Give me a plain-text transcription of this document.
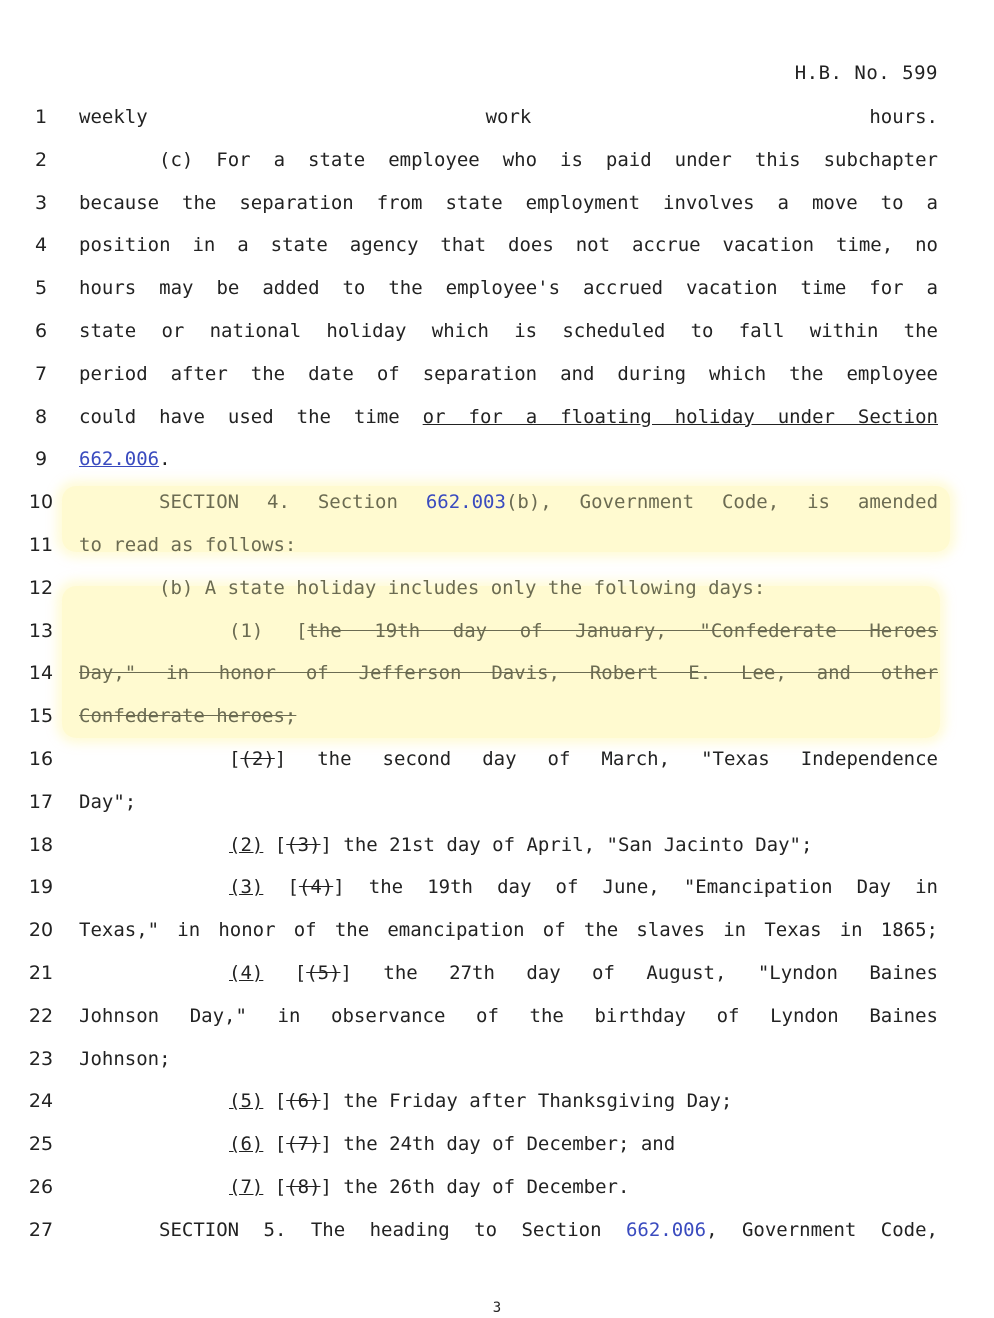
H.B. No. 599
1	weekly work hours.
2	(c) For a state employee who is paid under this subchapter
3	because the separation from state employment involves a move to a
4	position in a state agency that does not accrue vacation time, no
5	hours may be added to the employee's accrued vacation time for a
6	state or national holiday which is scheduled to fall within the
7	period after the date of separation and during which the employee
8	could have used the time or for a floating holiday under Section
9	662.006.
10	SECTION 4. Section 662.003(b), Government Code, is amended
11 to read as follows:
12	(b) A state holiday includes only the following days:
13	(1) [the 19th day of January, "Confederate Heroes
14 Day," in honor of Jefferson Davis, Robert E. Lee, and other
15 Confederate heroes;
16	[(2)] the second day of March, "Texas Independence
17 Day";
18	(2) [(3)] the 21st day of April, "San Jacinto Day";
19	(3) [(4)] the 19th day of June, "Emancipation Day in
20 Texas," in honor of the emancipation of the slaves in Texas in 1865;
21	(4) [(5)] the 27th day of August, "Lyndon Baines
22 Johnson Day," in observance of the birthday of Lyndon Baines
23 Johnson;
24	(5) [(6)] the Friday after Thanksgiving Day;
25	(6) [(7)] the 24th day of December; and
26	(7) [(8)] the 26th day of December.
27	SECTION 5. The heading to Section 662.006, Government Code,
3
